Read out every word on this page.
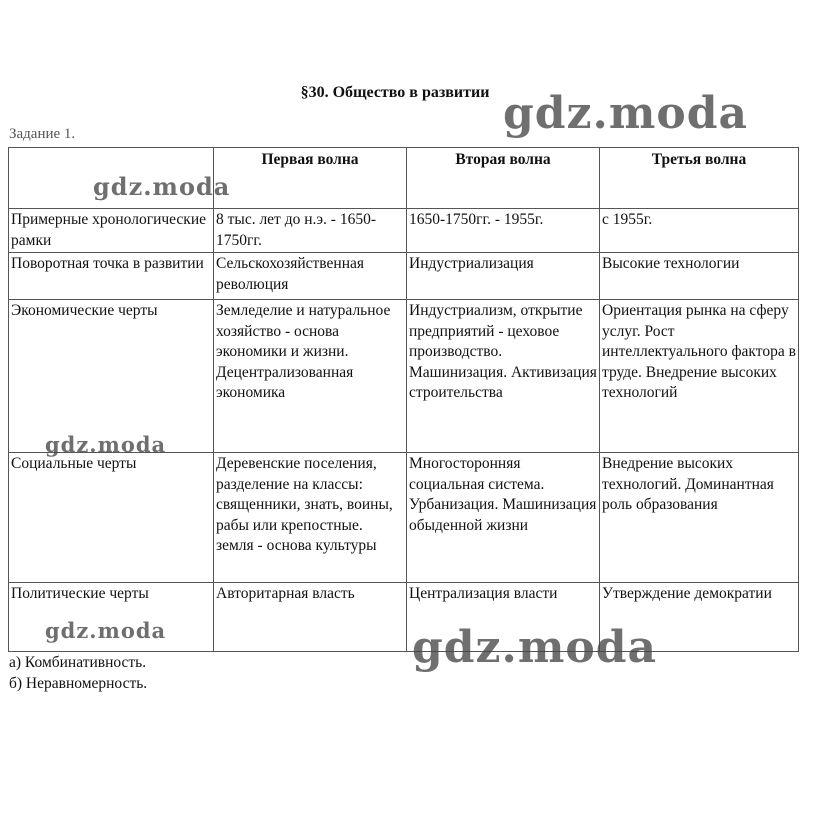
§30. Общество в развитии
Задание 1.
	Первая волна	Вторая волна	Третья волна
Примерные хронологические рамки	8 тыс. лет до н.э. - 1650-1750гг.	1650-1750гг. - 1955г.	с 1955г.
Поворотная точка в развитии	Сельскохозяйственная революция	Индустриализация	Высокие технологии
Экономические черты	Земледелие и натуральное хозяйство - основа экономики и жизни. Децентрализованная экономика	Индустриализм, открытие предприятий - цеховое производство. Машинизация. Активизация строительства	Ориентация рынка на сферу услуг. Рост интеллектуального фактора в труде. Внедрение высоких технологий
Социальные черты	Деревенские поселения, разделение на классы: священники, знать, воины, рабы или крепостные. земля - основа культуры	Многосторонняя социальная система. Урбанизация. Машинизация обыденной жизни	Внедрение высоких технологий. Доминантная роль образования
Политические черты	Авторитарная власть	Централизация власти	Утверждение демократии
а) Комбинативность.
б) Неравномерность.
gdz.moda
gdz.moda
gdz.moda
gdz.moda	gdz.moda
